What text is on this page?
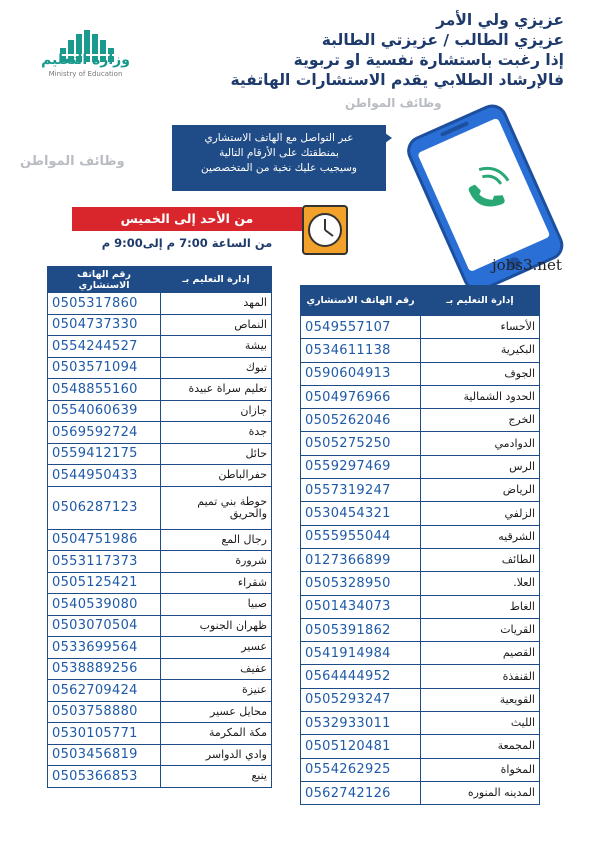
وزارة التعليم
Ministry of Education
عزيزي ولي الأمر
عزيزي الطالب / عزيزتي الطالبة
إذا رغبت باستشارة نفسية او تربوية
فالإرشاد الطلابي يقدم الاستشارات الهاتفية
وظائف المواطن
وظائف المواطن
عبر التواصل مع الهاتف الاستشاري
بمنطقتك على الأرقام التالية
وسيجيب عليك نخبة من المتخصصين
من الأحد إلى الخميس
من الساعة 7:00 م إلى9:00 م
jobs3.net
إدارة التعليم بـ	رقم الهاتف الاستشاري
المهد	0505317860
النماص	0504737330
بيشة	0554244527
تبوك	0503571094
تعليم سراة عبيدة	0548855160
جازان	0554060639
جدة	0569592724
حائل	0559412175
حفرالباطن	0544950433
حوطة بني تميم والحريق	0506287123
رجال المع	0504751986
شرورة	0553117373
شقراء	0505125421
صبيا	0540539080
ظهران الجنوب	0503070504
عسير	0533699564
عفيف	0538889256
عنيزة	0562709424
محايل عسير	0503758880
مكة المكرمة	0530105771
وادي الدواسر	0503456819
ينبع	0505366853
إدارة التعليم بـ	رقم الهاتف الاستشاري
الأحساء	0549557107
البكيرية	0534611138
الجوف	0590604913
الحدود الشمالية	0504976966
الخرج	0505262046
الدوادمي	0505275250
الرس	0559297469
الرياض	0557319247
الزلفي	0530454321
الشرقيه	0555955044
الطائف	0127366899
العلا.	0505328950
الغاط	0501434073
القريات	0505391862
القصيم	0541914984
القنفذة	0564444952
القويعية	0505293247
الليث	0532933011
المجمعة	0505120481
المخواة	0554262925
المدينه المنوره	0562742126
